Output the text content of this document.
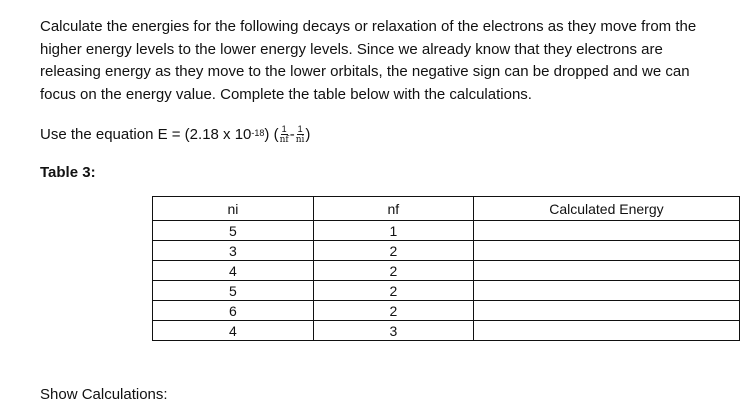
Calculate the energies for the following decays or relaxation of the electrons as they move from the higher energy levels to the lower energy levels. Since we already know that they electrons are releasing energy as they move to the lower orbitals, the negative sign can be dropped and we can focus on the energy value. Complete the table below with the calculations.

Use the equation E = (2.18 x $10^{-18}$ ) ( $\frac{1}{nf} - \frac{1}{ni}$ )
Table 3:
ni	nf	Calculated Energy
5	1	
3	2	
4	2	
5	2	
6	2	
4	3	
Show Calculations:
